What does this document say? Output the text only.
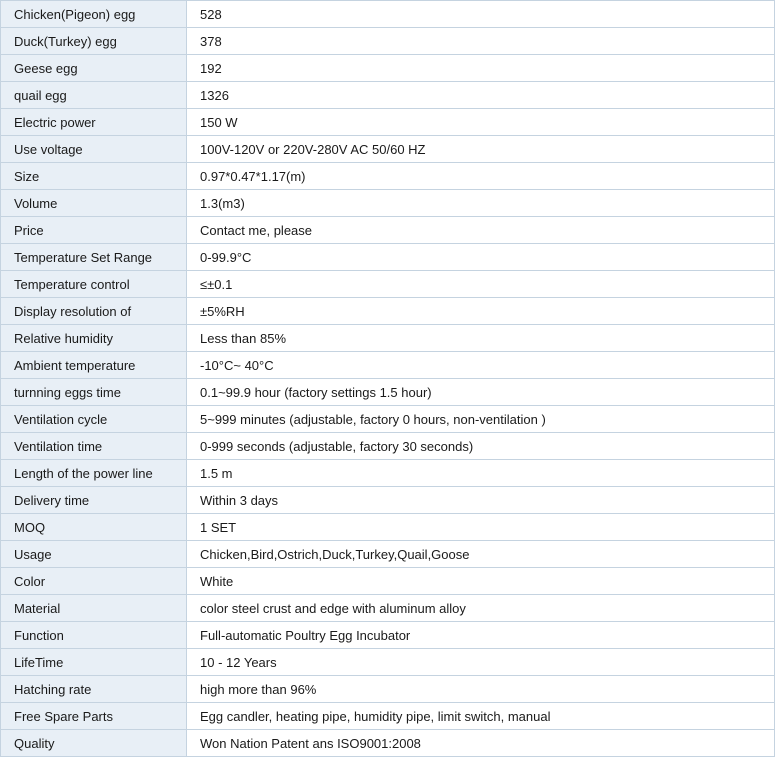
Chicken(Pigeon) egg	528
Duck(Turkey) egg	378
Geese egg	192
quail egg	1326
Electric power	150 W
Use voltage	100V-120V or 220V-280V AC 50/60 HZ
Size	0.97*0.47*1.17(m)
Volume	1.3(m3)
Price	Contact me, please
Temperature Set Range	0-99.9°C
Temperature control	≤±0.1
Display resolution of	±5%RH
Relative humidity	Less than 85%
Ambient temperature	-10°C~ 40°C
turnning eggs time	0.1~99.9 hour (factory settings 1.5 hour)
Ventilation cycle	5~999 minutes (adjustable, factory 0 hours, non-ventilation )
Ventilation time	0-999 seconds (adjustable, factory 30 seconds)
Length of the power line	1.5 m
Delivery time	Within 3 days
MOQ	1 SET
Usage	Chicken,Bird,Ostrich,Duck,Turkey,Quail,Goose
Color	White
Material	color steel crust and edge with aluminum alloy
Function	Full-automatic Poultry Egg Incubator
LifeTime	10 - 12 Years
Hatching rate	high more than 96%
Free Spare Parts	Egg candler, heating pipe, humidity pipe, limit switch, manual
Quality	Won Nation Patent ans ISO9001:2008
